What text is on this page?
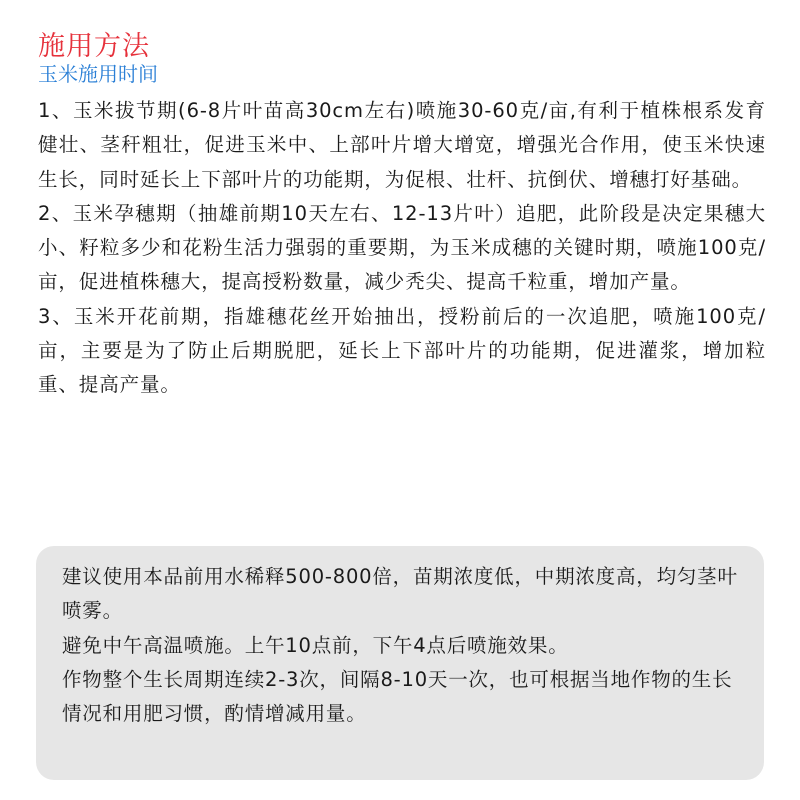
施用方法
玉米施用时间

1、玉米拔节期(6-8片叶苗高30cm左右)喷施30-60克/亩,有利于植株根系发育健壮、茎秆粗壮，促进玉米中、上部叶片增大增宽，增强光合作用，使玉米快速生长，同时延长上下部叶片的功能期，为促根、壮杆、抗倒伏、增穗打好基础。

2、玉米孕穗期（抽雄前期10天左右、12-13片叶）追肥，此阶段是决定果穗大小、籽粒多少和花粉生活力强弱的重要期，为玉米成穗的关键时期，喷施100克/亩，促进植株穗大，提高授粉数量，减少秃尖、提高千粒重，增加产量。

3、玉米开花前期，指雄穗花丝开始抽出，授粉前后的一次追肥，喷施100克/亩，主要是为了防止后期脱肥，延长上下部叶片的功能期，促进灌浆，增加粒重、提高产量。

建议使用本品前用水稀释500-800倍，苗期浓度低，中期浓度高，均匀茎叶喷雾。

避免中午高温喷施。上午10点前，下午4点后喷施效果。

作物整个生长周期连续2-3次，间隔8-10天一次，也可根据当地作物的生长情况和用肥习惯，酌情增减用量。
